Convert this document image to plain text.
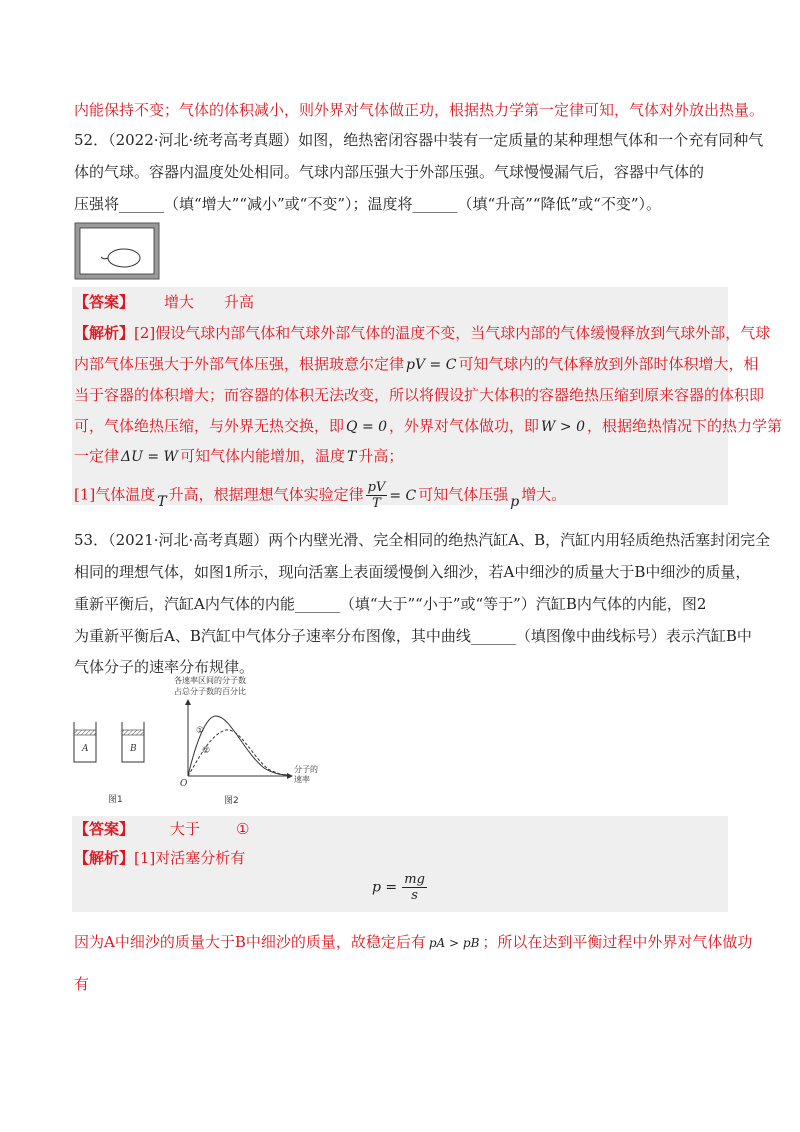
内能保持不变；气体的体积减小，则外界对气体做正功，根据热力学第一定律可知，气体对外放出热量。
52．（2022·河北·统考高考真题）如图，绝热密闭容器中装有一定质量的某种理想气体和一个充有同种气
体的气球。容器内温度处处相同。气球内部压强大于外部压强。气球慢慢漏气后，容器中气体的
压强将______（填“增大”“减小”或“不变”）；温度将______（填“升高”“降低”或“不变”）。
【答案】 增大 升高
【解析】[2]假设气球内部气体和气球外部气体的温度不变，当气球内部的气体缓慢释放到气球外部，气球
内部气体压强大于外部气体压强，根据玻意尔定律 pV = C 可知气球内的气体释放到外部时体积增大，相
当于容器的体积增大；而容器的体积无法改变，所以将假设扩大体积的容器绝热压缩到原来容器的体积即
可，气体绝热压缩，与外界无热交换，即 Q = 0 ，外界对气体做功，即 W > 0 ，根据绝热情况下的热力学第
一定律 ΔU = W 可知气体内能增加，温度 T 升高；
[1]气体温度 T 升高，根据理想气体实验定律 $\frac{pV}{T} = C$ 可知气体压强 p 增大。
53．（2021·河北·高考真题）两个内壁光滑、完全相同的绝热汽缸A、B，汽缸内用轻质绝热活塞封闭完全
相同的理想气体，如图1所示，现向活塞上表面缓慢倒入细沙，若A中细沙的质量大于B中细沙的质量，
重新平衡后，汽缸A内气体的内能______（填“大于”“小于”或“等于”）汽缸B内气体的内能，图2
为重新平衡后A、B汽缸中气体分子速率分布图像，其中曲线______（填图像中曲线标号）表示汽缸B中
气体分子的速率分布规律。
A	B
图1
各速率区间的分子数
占总分子数的百分比
O
分子的
速率
①
②
图2
【答案】 大于 ①
【解析】[1]对活塞分析有
$p = \frac{mg}{s}$
因为A中细沙的质量大于B中细沙的质量，故稳定后有 pA > pB ；所以在达到平衡过程中外界对气体做功
有
